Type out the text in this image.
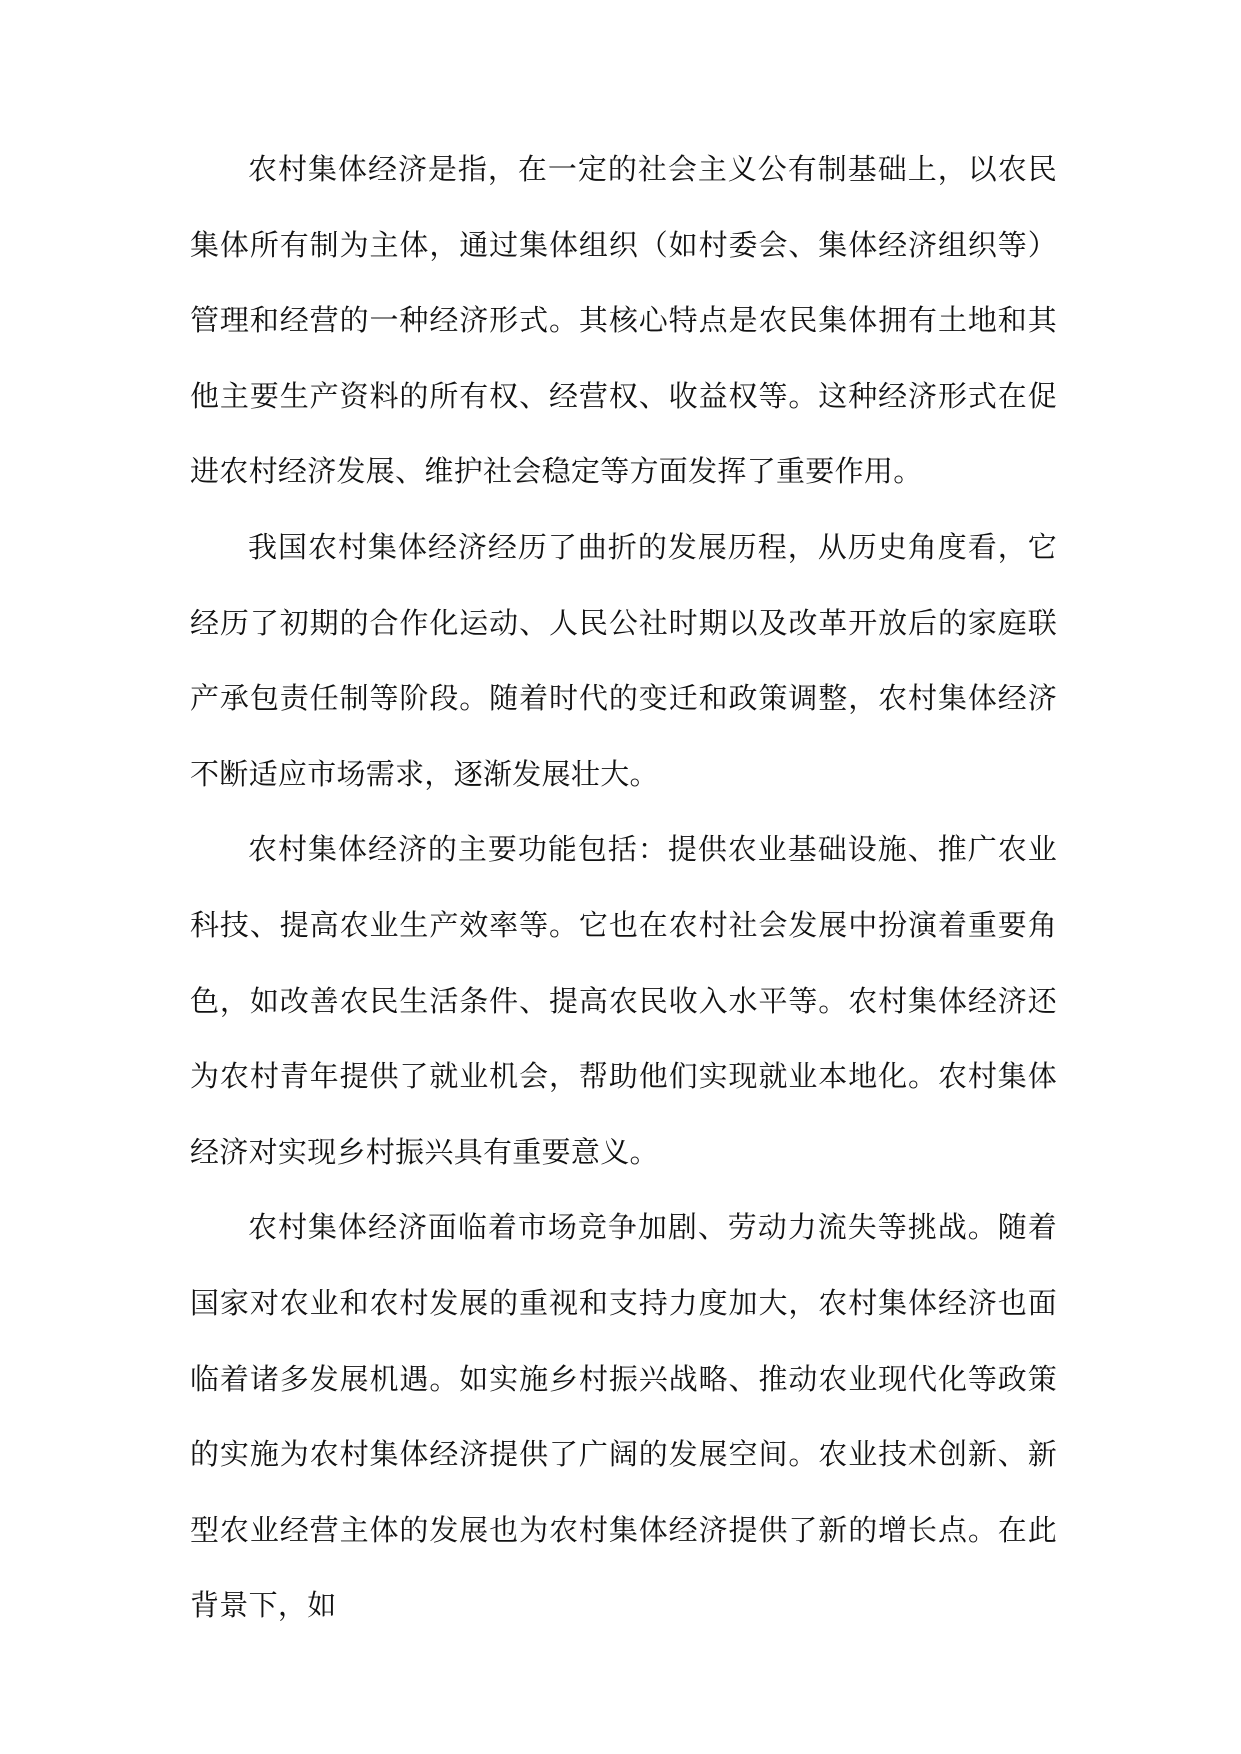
农村集体经济是指，在一定的社会主义公有制基础上，以农民集体所有制为主体，通过集体组织（如村委会、集体经济组织等）管理和经营的一种经济形式。其核心特点是农民集体拥有土地和其他主要生产资料的所有权、经营权、收益权等。这种经济形式在促进农村经济发展、维护社会稳定等方面发挥了重要作用。

我国农村集体经济经历了曲折的发展历程，从历史角度看，它经历了初期的合作化运动、人民公社时期以及改革开放后的家庭联产承包责任制等阶段。随着时代的变迁和政策调整，农村集体经济不断适应市场需求，逐渐发展壮大。

农村集体经济的主要功能包括：提供农业基础设施、推广农业科技、提高农业生产效率等。它也在农村社会发展中扮演着重要角色，如改善农民生活条件、提高农民收入水平等。农村集体经济还为农村青年提供了就业机会，帮助他们实现就业本地化。农村集体经济对实现乡村振兴具有重要意义。

农村集体经济面临着市场竞争加剧、劳动力流失等挑战。随着国家对农业和农村发展的重视和支持力度加大，农村集体经济也面临着诸多发展机遇。如实施乡村振兴战略、推动农业现代化等政策的实施为农村集体经济提供了广阔的发展空间。农业技术创新、新型农业经营主体的发展也为农村集体经济提供了新的增长点。在此背景下，如
